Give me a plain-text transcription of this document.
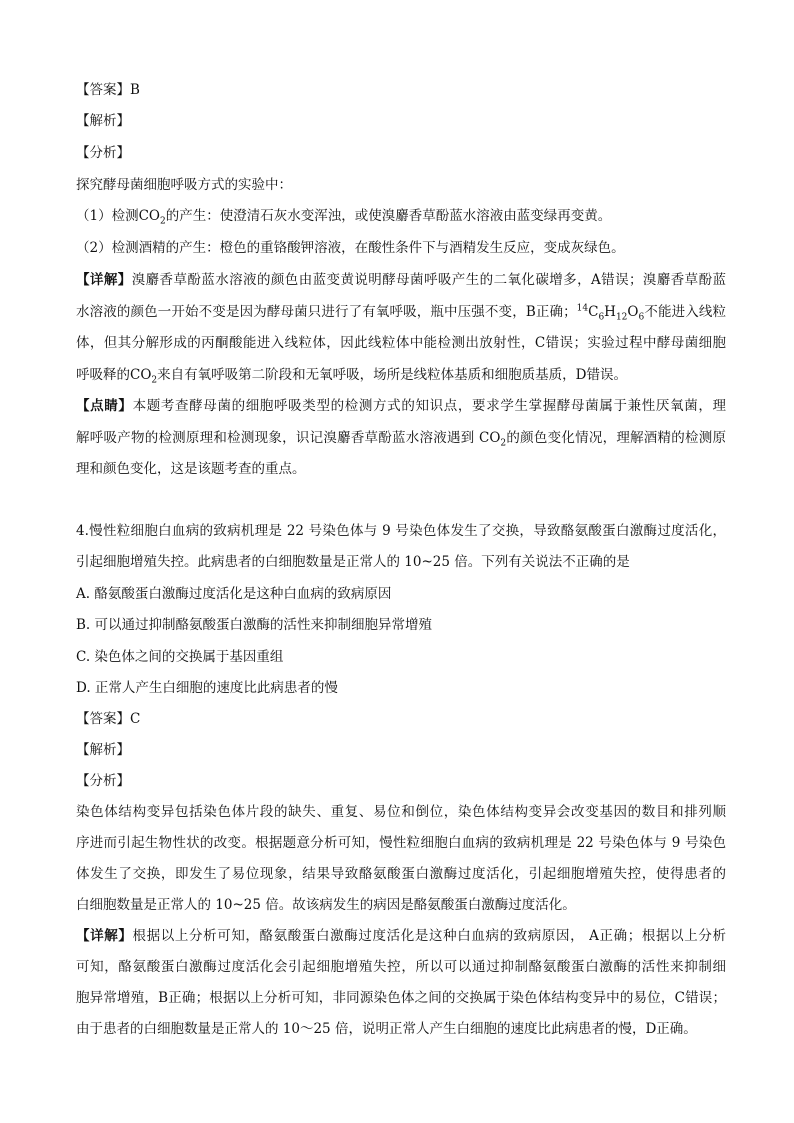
【答案】B
【解析】
【分析】
探究酵母菌细胞呼吸方式的实验中：
（1）检测$CO_2$的产生：使澄清石灰水变浑浊，或使溴麝香草酚蓝水溶液由蓝变绿再变黄。
（2）检测酒精的产生：橙色的重铬酸钾溶液，在酸性条件下与酒精发生反应，变成灰绿色。
【详解】溴麝香草酚蓝水溶液的颜色由蓝变黄说明酵母菌呼吸产生的二氧化碳增多，A错误；溴麝香草酚蓝
水溶液的颜色一开始不变是因为酵母菌只进行了有氧呼吸，瓶中压强不变，B正确；$^{14}C_6H_{12}O_6$不能进入线粒
体，但其分解形成的丙酮酸能进入线粒体，因此线粒体中能检测出放射性，C错误；实验过程中酵母菌细胞
呼吸释的$CO_2$来自有氧呼吸第二阶段和无氧呼吸，场所是线粒体基质和细胞质基质，D错误。
【点睛】本题考查酵母菌的细胞呼吸类型的检测方式的知识点，要求学生掌握酵母菌属于兼性厌氧菌，理
解呼吸产物的检测原理和检测现象，识记溴麝香草酚蓝水溶液遇到 $CO_2$的颜色变化情况，理解酒精的检测原
理和颜色变化，这是该题考查的重点。
4.慢性粒细胞白血病的致病机理是 22 号染色体与 9 号染色体发生了交换，导致酪氨酸蛋白激酶过度活化，
引起细胞增殖失控。此病患者的白细胞数量是正常人的 10~25 倍。下列有关说法不正确的是
A. 酪氨酸蛋白激酶过度活化是这种白血病的致病原因
B. 可以通过抑制酪氨酸蛋白激酶的活性来抑制细胞异常增殖
C. 染色体之间的交换属于基因重组
D. 正常人产生白细胞的速度比此病患者的慢
【答案】C
【解析】
【分析】
染色体结构变异包括染色体片段的缺失、重复、易位和倒位，染色体结构变异会改变基因的数目和排列顺
序进而引起生物性状的改变。根据题意分析可知，慢性粒细胞白血病的致病机理是 22 号染色体与 9 号染色
体发生了交换，即发生了易位现象，结果导致酪氨酸蛋白激酶过度活化，引起细胞增殖失控，使得患者的
白细胞数量是正常人的 10~25 倍。故该病发生的病因是酪氨酸蛋白激酶过度活化。
【详解】根据以上分析可知，酪氨酸蛋白激酶过度活化是这种白血病的致病原因， A正确；根据以上分析
可知，酪氨酸蛋白激酶过度活化会引起细胞增殖失控，所以可以通过抑制酪氨酸蛋白激酶的活性来抑制细
胞异常增殖，B正确；根据以上分析可知，非同源染色体之间的交换属于染色体结构变异中的易位，C错误；
由于患者的白细胞数量是正常人的 10～25 倍，说明正常人产生白细胞的速度比此病患者的慢，D正确。
